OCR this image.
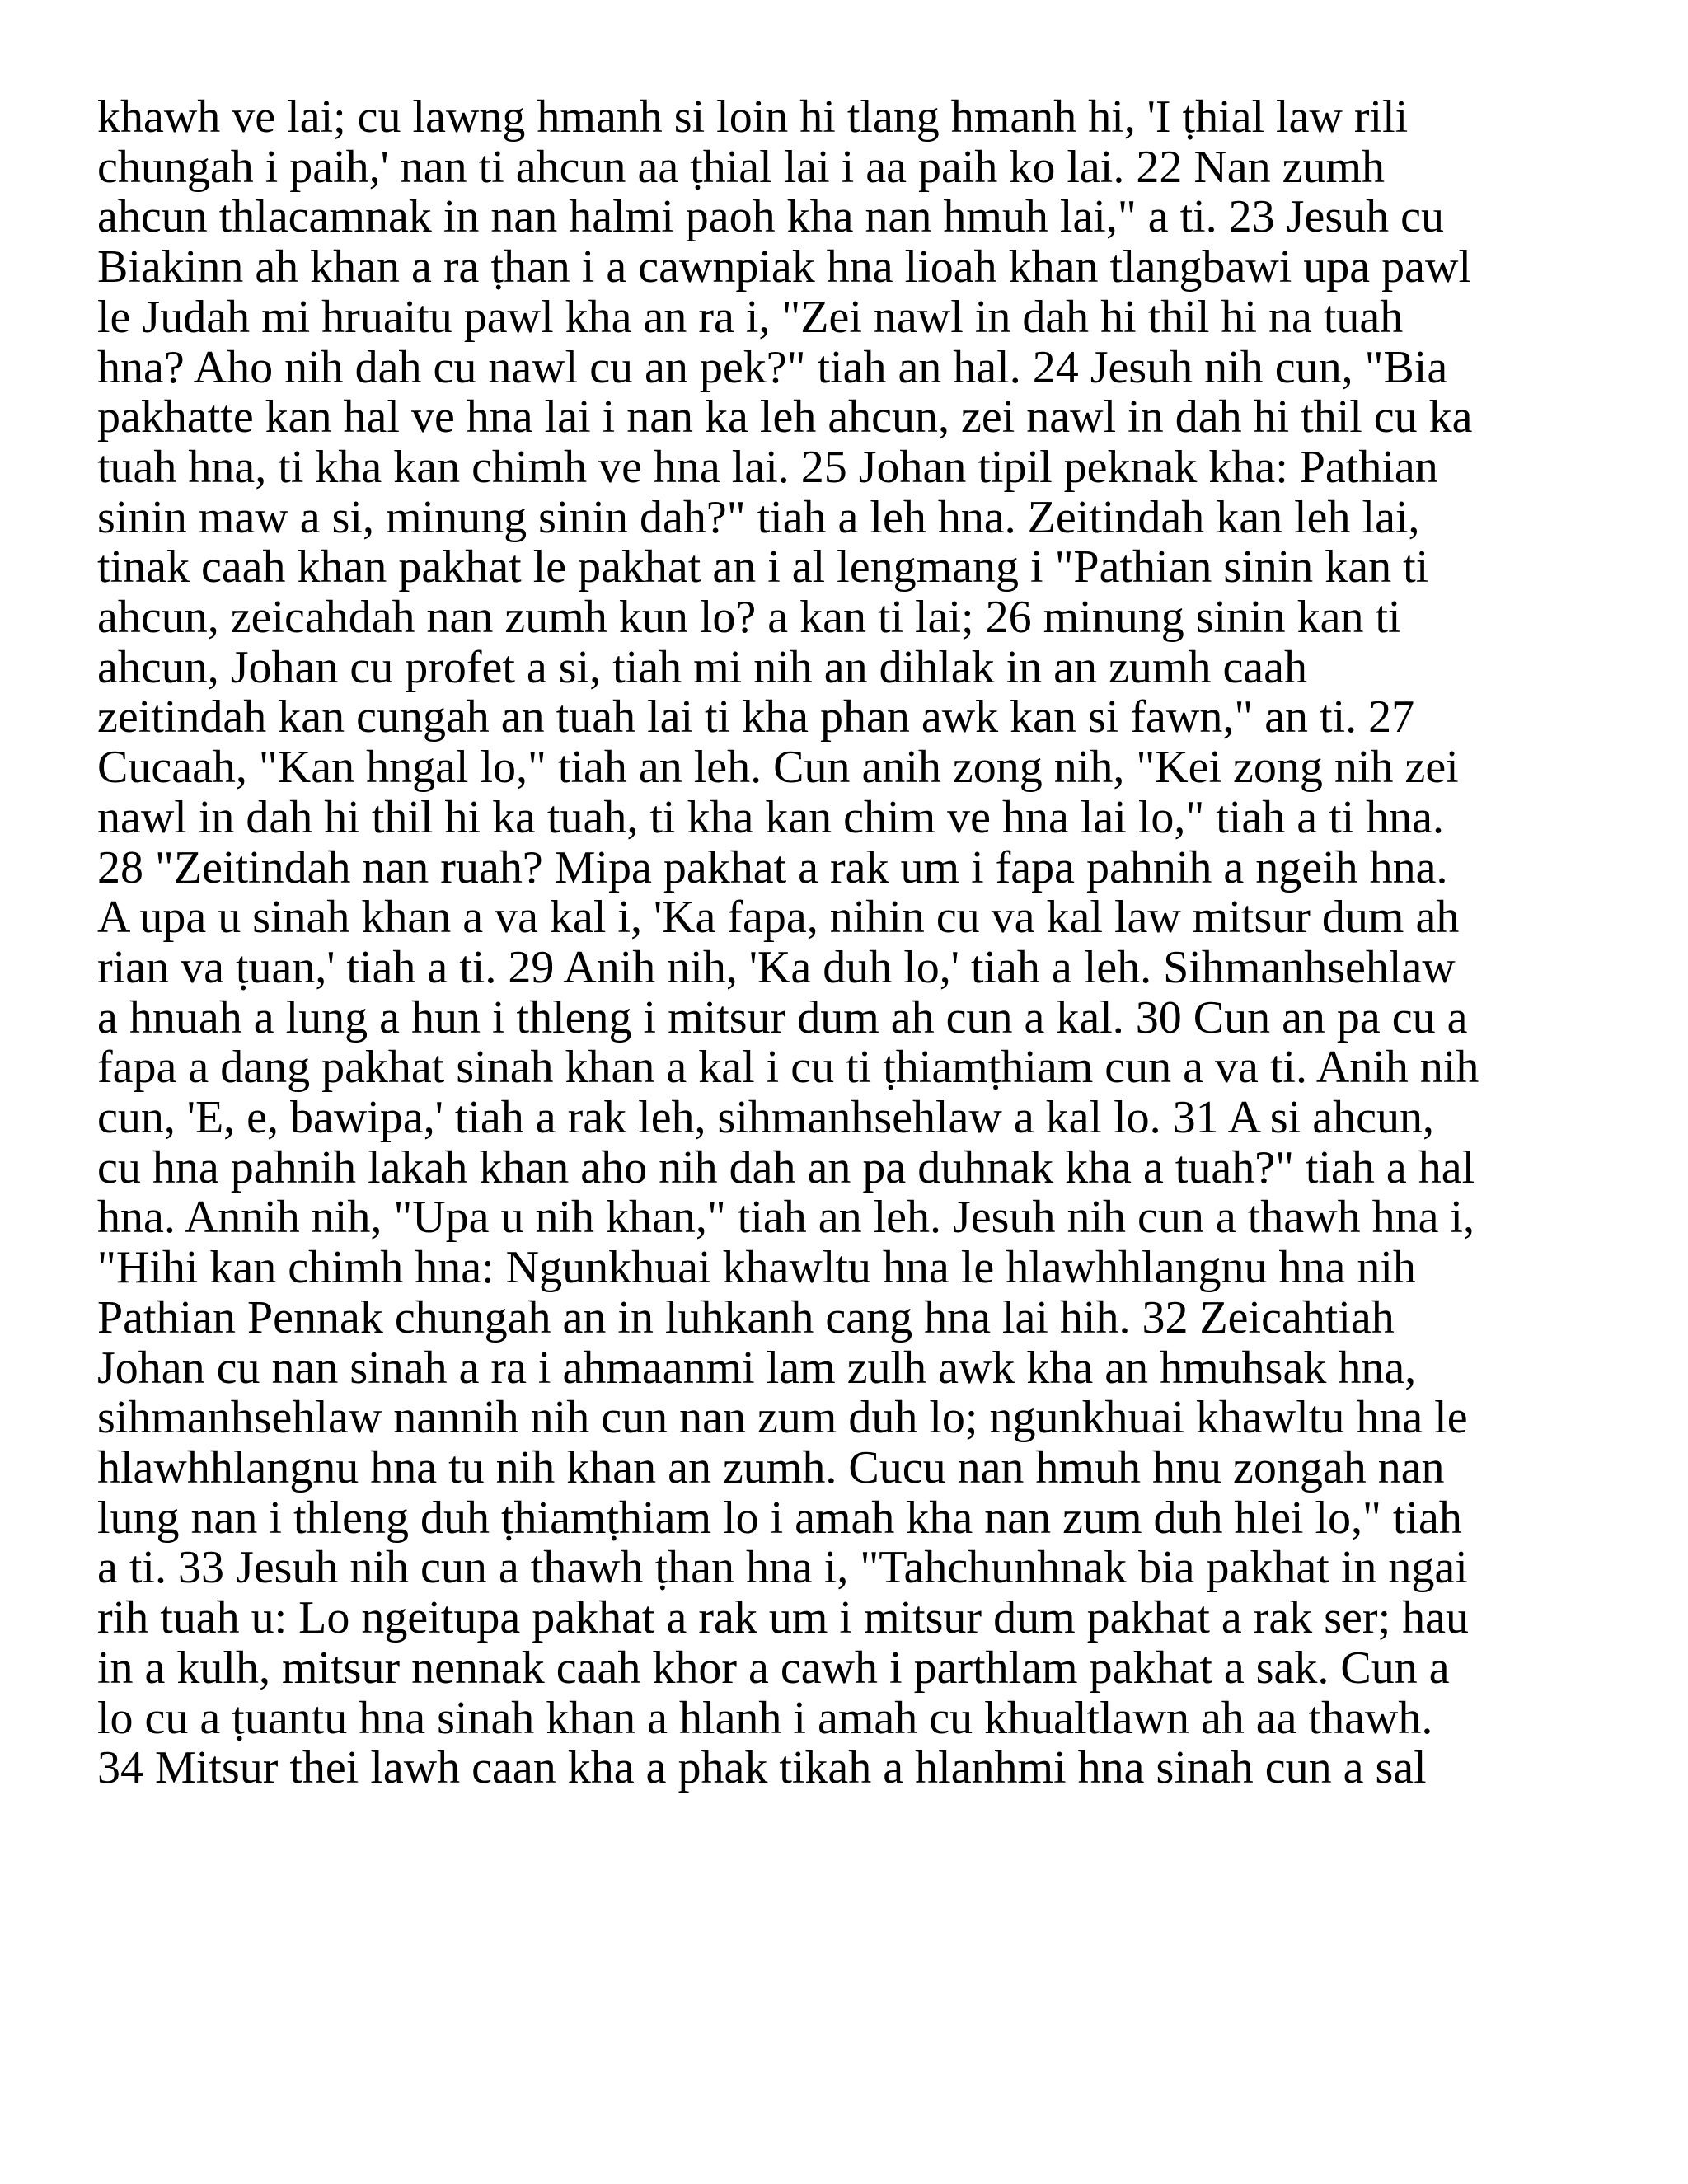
khawh ve lai; cu lawng hmanh si loin hi tlang hmanh hi, 'I ṭhial law rili
chungah i paih,' nan ti ahcun aa ṭhial lai i aa paih ko lai. 22 Nan zumh
ahcun thlacamnak in nan halmi paoh kha nan hmuh lai," a ti. 23 Jesuh cu
Biakinn ah khan a ra ṭhan i a cawnpiak hna lioah khan tlangbawi upa pawl
le Judah mi hruaitu pawl kha an ra i, "Zei nawl in dah hi thil hi na tuah
hna? Aho nih dah cu nawl cu an pek?" tiah an hal. 24 Jesuh nih cun, "Bia
pakhatte kan hal ve hna lai i nan ka leh ahcun, zei nawl in dah hi thil cu ka
tuah hna, ti kha kan chimh ve hna lai. 25 Johan tipil peknak kha: Pathian
sinin maw a si, minung sinin dah?" tiah a leh hna. Zeitindah kan leh lai,
tinak caah khan pakhat le pakhat an i al lengmang i "Pathian sinin kan ti
ahcun, zeicahdah nan zumh kun lo? a kan ti lai; 26 minung sinin kan ti
ahcun, Johan cu profet a si, tiah mi nih an dihlak in an zumh caah
zeitindah kan cungah an tuah lai ti kha phan awk kan si fawn," an ti. 27
Cucaah, "Kan hngal lo," tiah an leh. Cun anih zong nih, "Kei zong nih zei
nawl in dah hi thil hi ka tuah, ti kha kan chim ve hna lai lo," tiah a ti hna.
28 "Zeitindah nan ruah? Mipa pakhat a rak um i fapa pahnih a ngeih hna.
A upa u sinah khan a va kal i, 'Ka fapa, nihin cu va kal law mitsur dum ah
rian va ṭuan,' tiah a ti. 29 Anih nih, 'Ka duh lo,' tiah a leh. Sihmanhsehlaw
a hnuah a lung a hun i thleng i mitsur dum ah cun a kal. 30 Cun an pa cu a
fapa a dang pakhat sinah khan a kal i cu ti ṭhiamṭhiam cun a va ti. Anih nih
cun, 'E, e, bawipa,' tiah a rak leh, sihmanhsehlaw a kal lo. 31 A si ahcun,
cu hna pahnih lakah khan aho nih dah an pa duhnak kha a tuah?" tiah a hal
hna. Annih nih, "Upa u nih khan," tiah an leh. Jesuh nih cun a thawh hna i,
"Hihi kan chimh hna: Ngunkhuai khawltu hna le hlawhhlangnu hna nih
Pathian Pennak chungah an in luhkanh cang hna lai hih. 32 Zeicahtiah
Johan cu nan sinah a ra i ahmaanmi lam zulh awk kha an hmuhsak hna,
sihmanhsehlaw nannih nih cun nan zum duh lo; ngunkhuai khawltu hna le
hlawhhlangnu hna tu nih khan an zumh. Cucu nan hmuh hnu zongah nan
lung nan i thleng duh ṭhiamṭhiam lo i amah kha nan zum duh hlei lo," tiah
a ti. 33 Jesuh nih cun a thawh ṭhan hna i, "Tahchunhnak bia pakhat in ngai
rih tuah u: Lo ngeitupa pakhat a rak um i mitsur dum pakhat a rak ser; hau
in a kulh, mitsur nennak caah khor a cawh i parthlam pakhat a sak. Cun a
lo cu a ṭuantu hna sinah khan a hlanh i amah cu khualtlawn ah aa thawh.
34 Mitsur thei lawh caan kha a phak tikah a hlanhmi hna sinah cun a sal
